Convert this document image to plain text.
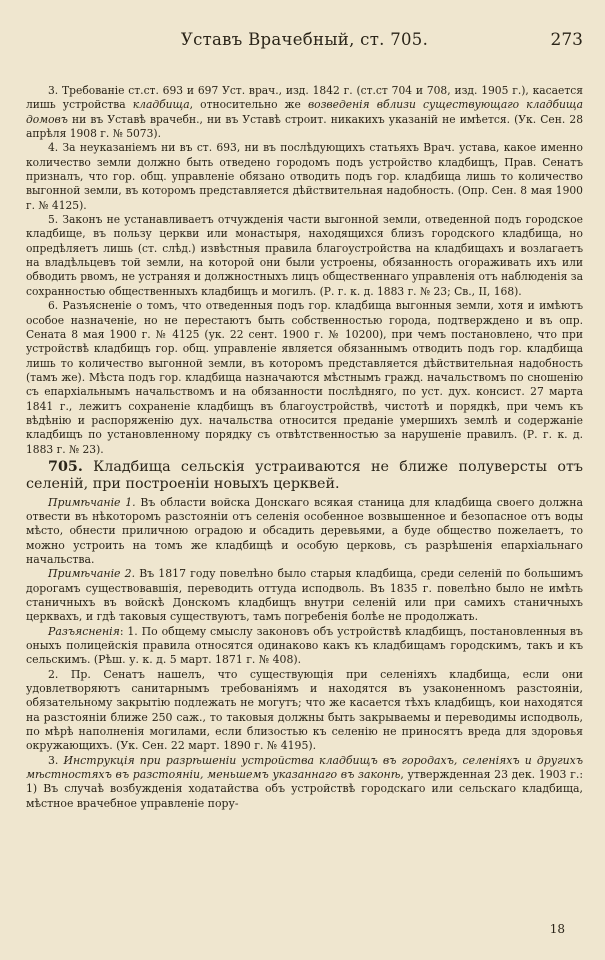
Уставъ Врачебный, ст. 705.	273

3. Требованіе ст.ст. 693 и 697 Уст. врач., изд. 1842 г. (ст.ст 704 и 708, изд. 1905 г.), касается лишь устройства кладбища, относительно же возведенія вблизи существующаго кладбища домовъ ни въ Уставѣ врачебн., ни въ Уставѣ строит. никакихъ указаній не имѣется. (Ук. Сен. 28 апрѣля 1908 г. № 5073).

4. За неуказаніемъ ни въ ст. 693, ни въ послѣдующихъ статьяхъ Врач. устава, какое именно количество земли должно быть отведено городомъ подъ устройство кладбищъ, Прав. Сенатъ призналъ, что гор. общ. управленіе обязано отводить подъ гор. кладбища лишь то количество выгонной земли, въ которомъ представляется дѣйствительная надобность. (Опр. Сен. 8 мая 1900 г. № 4125).

5. Законъ не устанавливаетъ отчужденія части выгонной земли, отведенной подъ городское кладбище, въ пользу церкви или монастыря, находящихся близъ городского кладбища, но опредѣляетъ лишь (ст. слѣд.) извѣстныя правила благоустройства на кладбищахъ и возлагаетъ на владѣльцевъ той земли, на которой они были устроены, обязанность огораживать ихъ или обводить рвомъ, не устраняя и должностныхъ лицъ общественнаго управленія отъ наблюденія за сохранностью общественныхъ кладбищъ и могилъ. (Р. г. к. д. 1883 г. № 23; Св., II, 168).

6. Разъясненіе о томъ, что отведенныя подъ гор. кладбища выгонныя земли, хотя и имѣютъ особое назначеніе, но не перестаютъ быть собственностью города, подтверждено и въ опр. Сената 8 мая 1900 г. № 4125 (ук. 22 сент. 1900 г. № 10200), при чемъ постановлено, что при устройствѣ кладбищъ гор. общ. управленіе является обязаннымъ отводить подъ гор. кладбища лишь то количество выгонной земли, въ которомъ представляется дѣйствительная надобность (тамъ же). Мѣста подъ гор. кладбища назначаются мѣстнымъ гражд. начальствомъ по сношенію съ епархіальнымъ начальствомъ и на обязанности послѣдняго, по уст. дух. консист. 27 марта 1841 г., лежитъ сохраненіе кладбищъ въ благоустройствѣ, чистотѣ и порядкѣ, при чемъ къ вѣдѣнію и распоряженію дух. начальства относится преданіе умершихъ землѣ и содержаніе кладбищъ по установленному порядку съ отвѣтственностью за нарушеніе правилъ. (Р. г. к. д. 1883 г. № 23).

705. Кладбища сельскія устраиваются не ближе полуверсты отъ селеній, при построеніи новыхъ церквей.

Примѣчаніе 1. Въ области войска Донскаго всякая станица для кладбища своего должна отвести въ нѣкоторомъ разстояніи отъ селенія особенное возвышенное и безопасное отъ воды мѣсто, обнести приличною оградою и обсадить деревьями, а буде общество пожелаетъ, то можно устроить на томъ же кладбищѣ и особую церковь, съ разрѣшенія епархіальнаго начальства.

Примѣчаніе 2. Въ 1817 году повелѣно было старыя кладбища, среди селеній по большимъ дорогамъ существовавшія, переводить оттуда исподволь. Въ 1835 г. повелѣно было не имѣть станичныхъ въ войскѣ Донскомъ кладбищъ внутри селеній или при самихъ станичныхъ церквахъ, и гдѣ таковыя существуютъ, тамъ погребенія болѣе не продолжать.

Разъясненія: 1. По общему смыслу законовъ объ устройствѣ кладбищъ, постановленныя въ оныхъ полицейскія правила относятся одинаково какъ къ кладбищамъ городскимъ, такъ и къ сельскимъ. (Рѣш. у. к. д. 5 март. 1871 г. № 408).

2. Пр. Сенатъ нашелъ, что существующія при селеніяхъ кладбища, если они удовлетворяютъ санитарнымъ требованіямъ и находятся въ узаконенномъ разстояніи, обязательному закрытію подлежать не могутъ; что же касается тѣхъ кладбищъ, кои находятся на разстояніи ближе 250 саж., то таковыя должны быть закрываемы и переводимы исподволь, по мѣрѣ наполненія могилами, если близостью къ селенію не приносятъ вреда для здоровья окружающихъ. (Ук. Сен. 22 март. 1890 г. № 4195).

3. Инструкція при разрѣшеніи устройства кладбищъ въ городахъ, селеніяхъ и другихъ мѣстностяхъ въ разстояніи, меньшемъ указаннаго въ законѣ, утвержденная 23 дек. 1903 г.: 1) Въ случаѣ возбужденія ходатайства объ устройствѣ городскаго или сельскаго кладбища, мѣстное врачебное управленіе пору-

18
